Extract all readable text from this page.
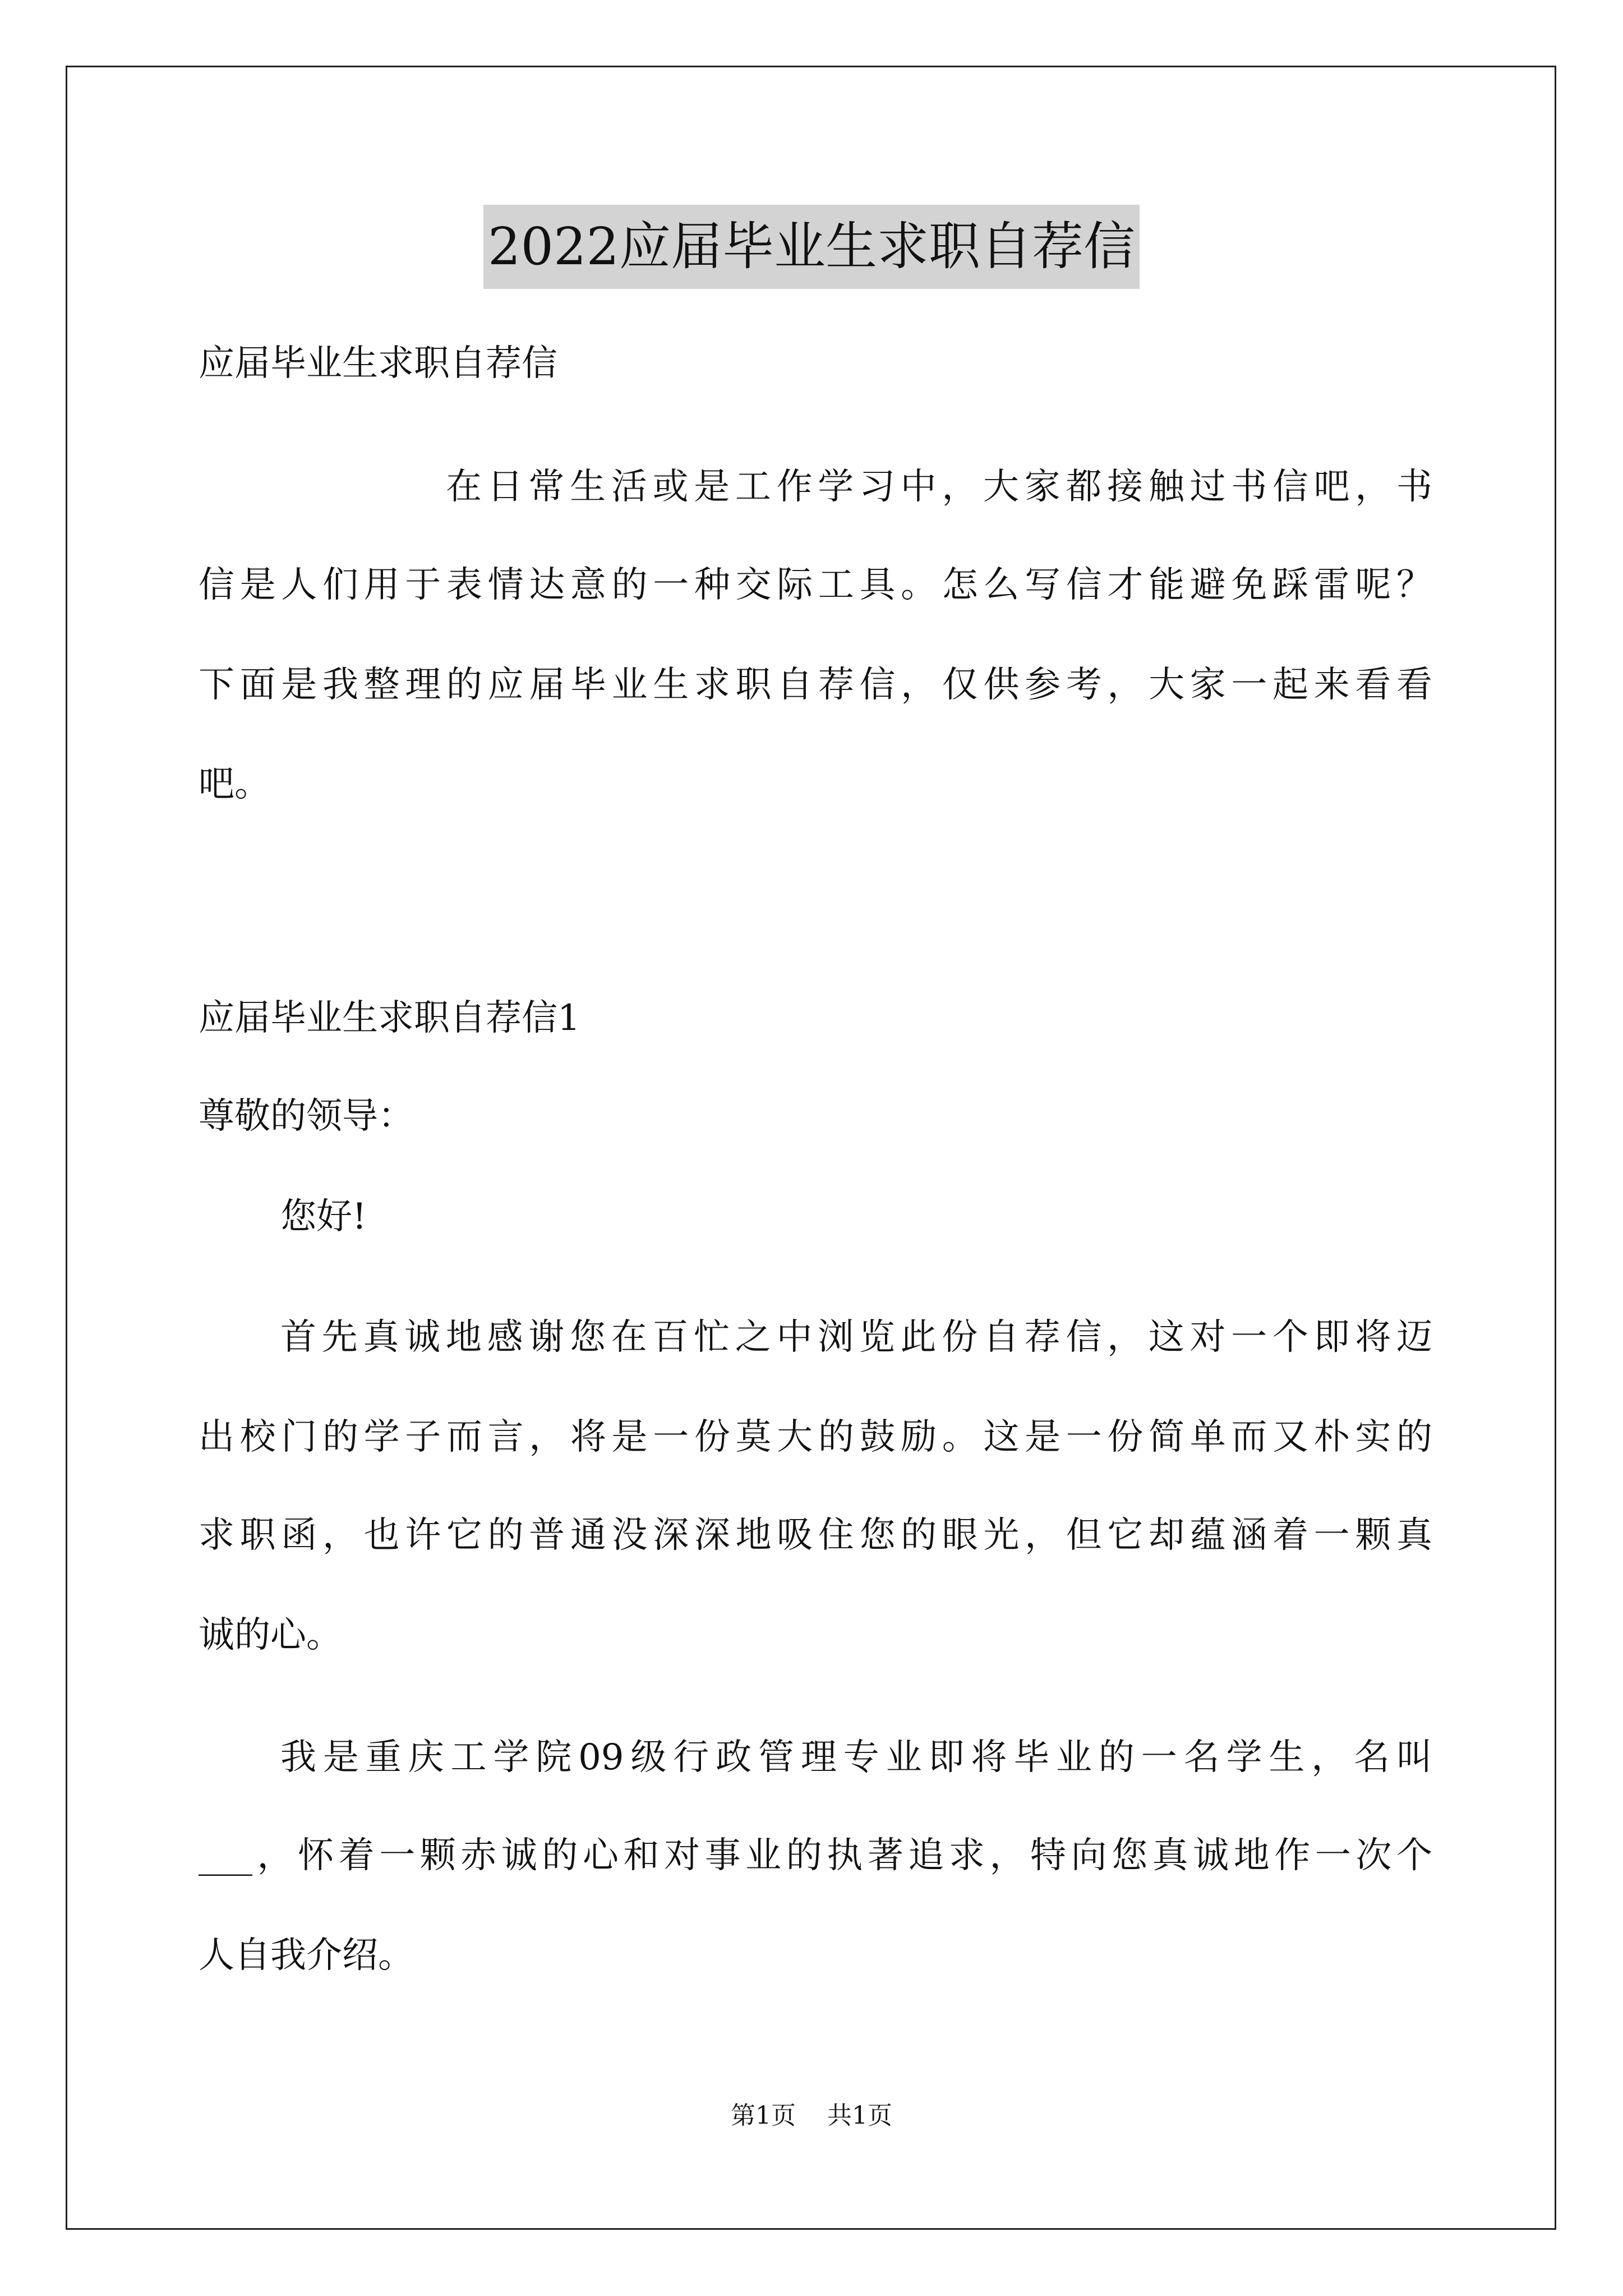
2022应届毕业生求职自荐信
应届毕业生求职自荐信
在日常生活或是工作学习中，大家都接触过书信吧，书
信是人们用于表情达意的一种交际工具。怎么写信才能避免踩雷呢？
下面是我整理的应届毕业生求职自荐信，仅供参考，大家一起来看看
吧。
应届毕业生求职自荐信1
尊敬的领导：
您好!
首先真诚地感谢您在百忙之中浏览此份自荐信，这对一个即将迈
出校门的学子而言，将是一份莫大的鼓励。这是一份简单而又朴实的
求职函，也许它的普通没深深地吸住您的眼光，但它却蕴涵着一颗真
诚的心。
我是重庆工学院09级行政管理专业即将毕业的一名学生，名叫
___，怀着一颗赤诚的心和对事业的执著追求，特向您真诚地作一次个
人自我介绍。
第1页    共1页
